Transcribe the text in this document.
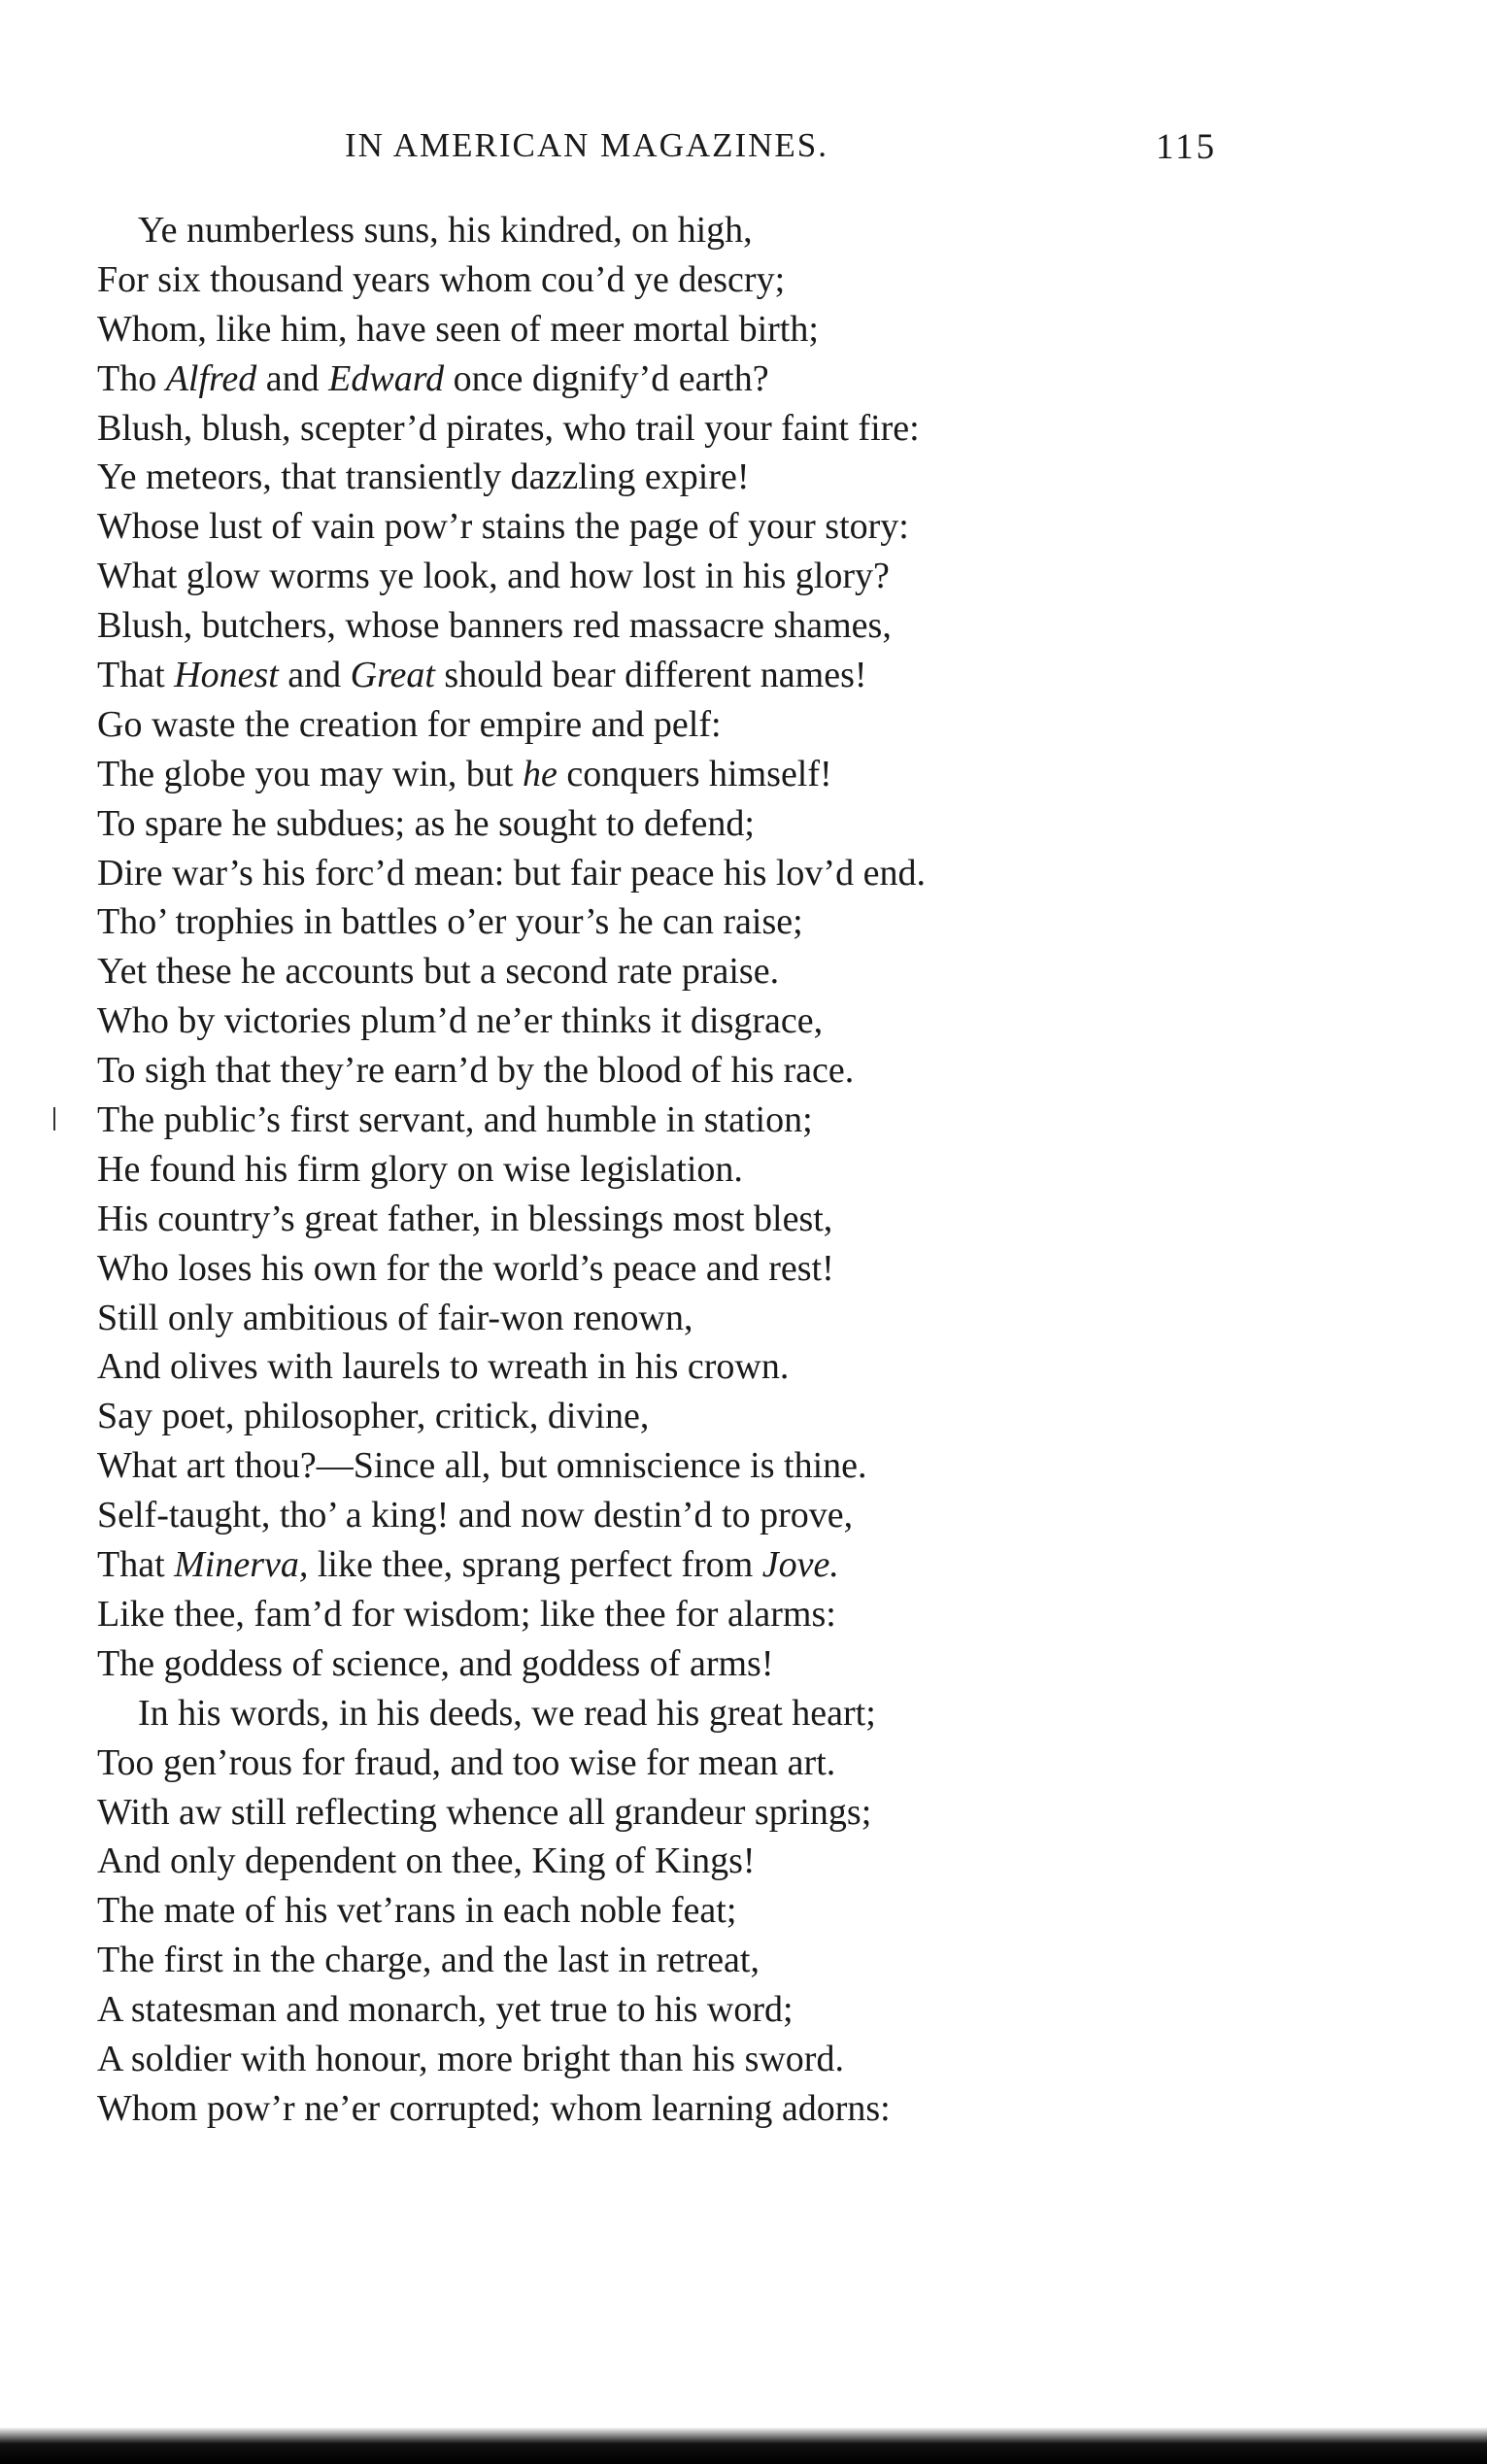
IN AMERICAN MAGAZINES.	115
Ye numberless suns, his kindred, on high,
For six thousand years whom cou’d ye descry;
Whom, like him, have seen of meer mortal birth;
Tho Alfred and Edward once dignify’d earth?
Blush, blush, scepter’d pirates, who trail your faint fire:
Ye meteors, that transiently dazzling expire!
Whose lust of vain pow’r stains the page of your story:
What glow worms ye look, and how lost in his glory?
Blush, butchers, whose banners red massacre shames,
That Honest and Great should bear different names!
Go waste the creation for empire and pelf:
The globe you may win, but he conquers himself!
To spare he subdues; as he sought to defend;
Dire war’s his forc’d mean: but fair peace his lov’d end.
Tho’ trophies in battles o’er your’s he can raise;
Yet these he accounts but a second rate praise.
Who by victories plum’d ne’er thinks it disgrace,
To sigh that they’re earn’d by the blood of his race.
The public’s first servant, and humble in station;
He found his firm glory on wise legislation.
His country’s great father, in blessings most blest,
Who loses his own for the world’s peace and rest!
Still only ambitious of fair-won renown,
And olives with laurels to wreath in his crown.
Say poet, philosopher, critick, divine,
What art thou?—Since all, but omniscience is thine.
Self-taught, tho’ a king! and now destin’d to prove,
That Minerva, like thee, sprang perfect from Jove.
Like thee, fam’d for wisdom; like thee for alarms:
The goddess of science, and goddess of arms!
In his words, in his deeds, we read his great heart;
Too gen’rous for fraud, and too wise for mean art.
With aw still reflecting whence all grandeur springs;
And only dependent on thee, King of Kings!
The mate of his vet’rans in each noble feat;
The first in the charge, and the last in retreat,
A statesman and monarch, yet true to his word;
A soldier with honour, more bright than his sword.
Whom pow’r ne’er corrupted; whom learning adorns:
